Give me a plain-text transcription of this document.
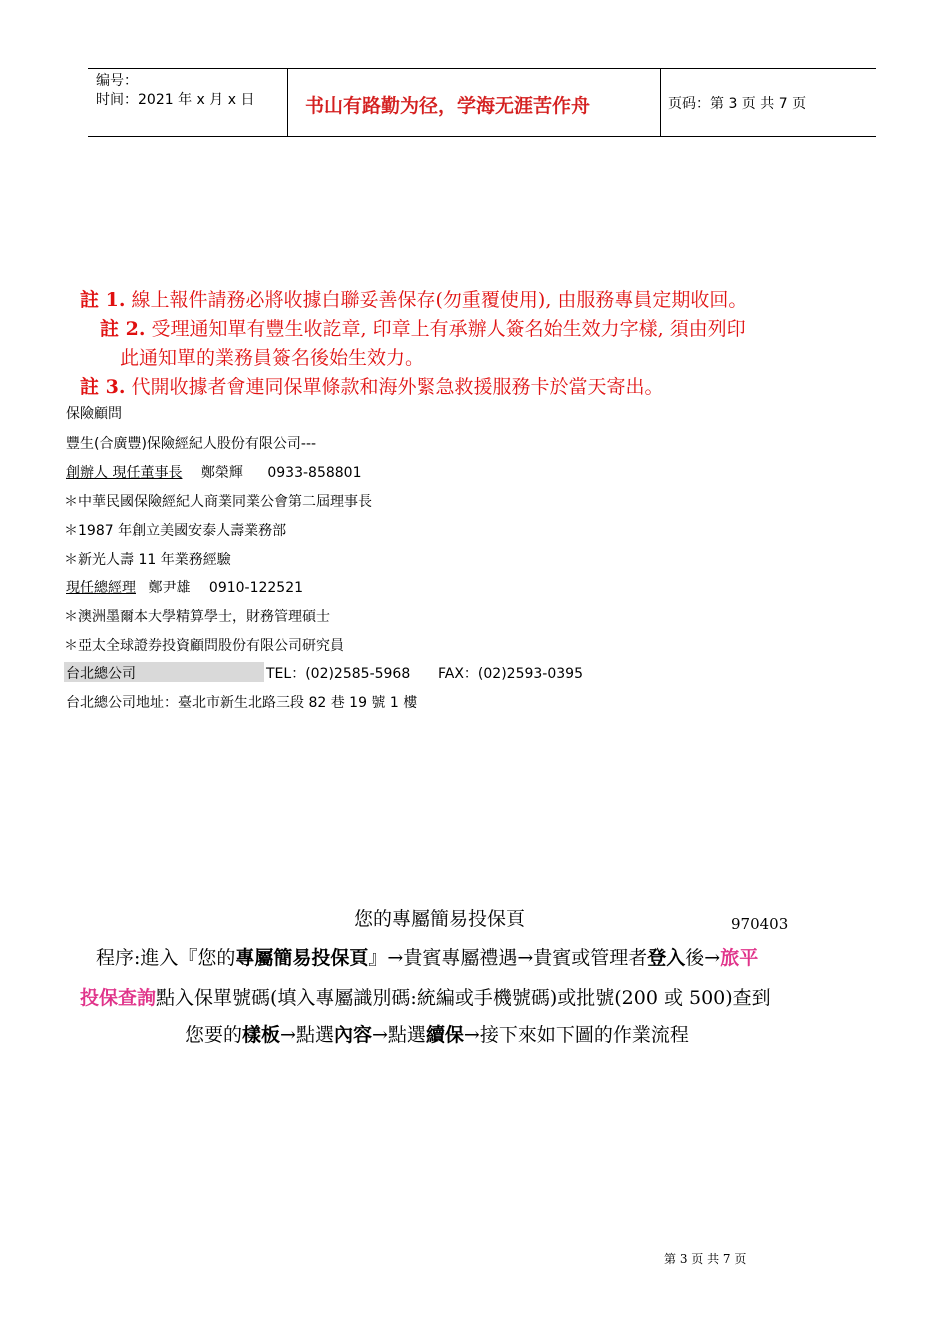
编号：
时间：2021 年 x 月 x 日	书山有路勤为径，学海无涯苦作舟	页码：第 3 页 共 7 页
註 1. 線上報件請務必將收據白聯妥善保存(勿重覆使用), 由服務專員定期收回。
註 2. 受理通知單有豐生收訖章, 印章上有承辦人簽名始生效力字樣, 須由列印
此通知單的業務員簽名後始生效力。
註 3. 代開收據者會連同保單條款和海外緊急救援服務卡於當天寄出。
保險顧問
豐生(合廣豐)保險經紀人股份有限公司---
創辦人 現任董事長 鄭榮輝 0933-858801
＊中華民國保險經紀人商業同業公會第二屆理事長
＊1987 年創立美國安泰人壽業務部
＊新光人壽 11 年業務經驗
現任總經理 鄭尹雄 0910-122521
＊澳洲墨爾本大學精算學士，財務管理碩士
＊亞太全球證券投資顧問股份有限公司研究員
台北總公司	TEL：(02)2585-5968 FAX：(02)2593-0395
台北總公司地址：臺北市新生北路三段 82 巷 19 號 1 樓
您的專屬簡易投保頁	970403
程序:進入『您的專屬簡易投保頁』→貴賓專屬禮遇→貴賓或管理者登入後→旅平
投保查詢點入保單號碼(填入專屬識別碼:統編或手機號碼)或批號(200 或 500)查到
您要的樣板→點選內容→點選續保→接下來如下圖的作業流程
第 3 页 共 7 页
